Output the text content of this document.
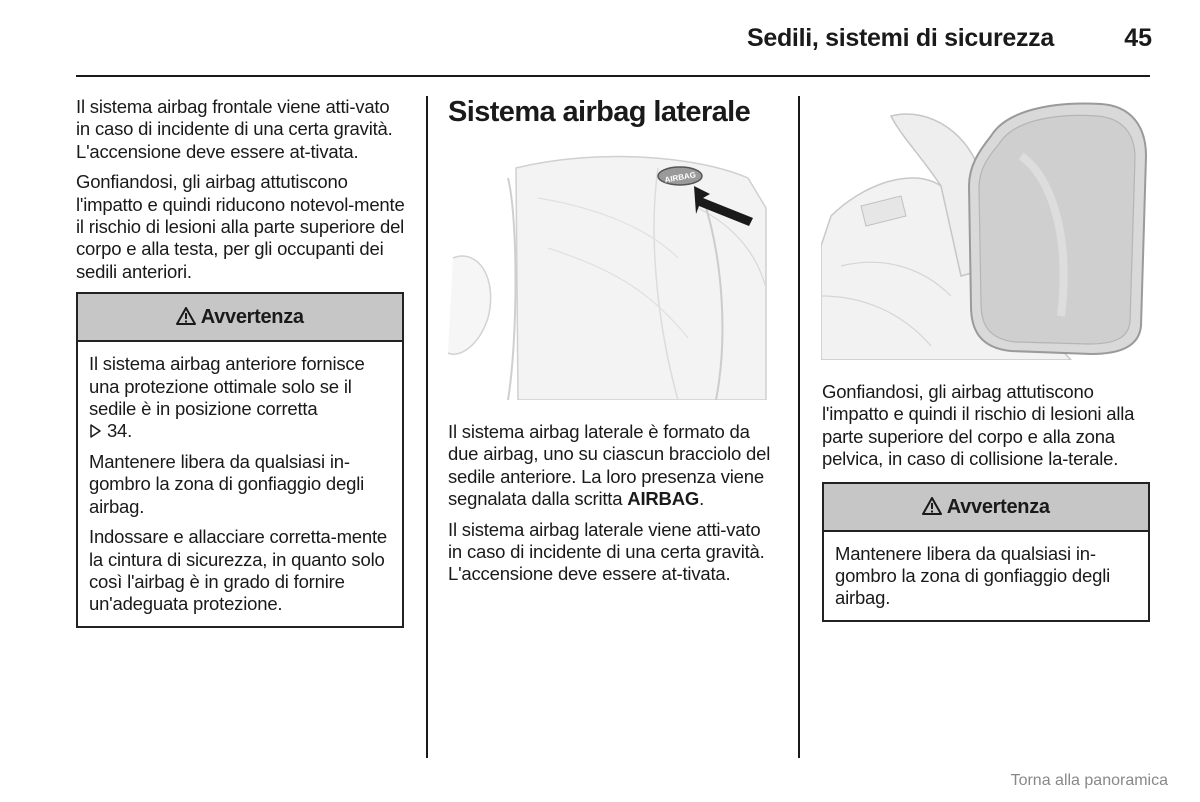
Sedili, sistemi di sicurezza	45

Il sistema airbag frontale viene atti-vato in caso di incidente di una certa gravità. L'accensione deve essere at-tivata.

Gonfiandosi, gli airbag attutiscono l'impatto e quindi riducono notevol-mente il rischio di lesioni alla parte superiore del corpo e alla testa, per gli occupanti dei sedili anteriori.

Avvertenza

Il sistema airbag anteriore fornisce una protezione ottimale solo se il sedile è in posizione corretta
34.

Mantenere libera da qualsiasi in-gombro la zona di gonfiaggio degli airbag.

Indossare e allacciare corretta-mente la cintura di sicurezza, in quanto solo così l'airbag è in grado di fornire un'adeguata protezione.

Sistema airbag laterale
AIRBAG

Il sistema airbag laterale è formato da due airbag, uno su ciascun bracciolo del sedile anteriore. La loro presenza viene segnalata dalla scritta AIRBAG.

Il sistema airbag laterale viene atti-vato in caso di incidente di una certa gravità. L'accensione deve essere at-tivata.

Gonfiandosi, gli airbag attutiscono l'impatto e quindi il rischio di lesioni alla parte superiore del corpo e alla zona pelvica, in caso di collisione la-terale.

Avvertenza

Mantenere libera da qualsiasi in-gombro la zona di gonfiaggio degli airbag.

Torna alla panoramica
